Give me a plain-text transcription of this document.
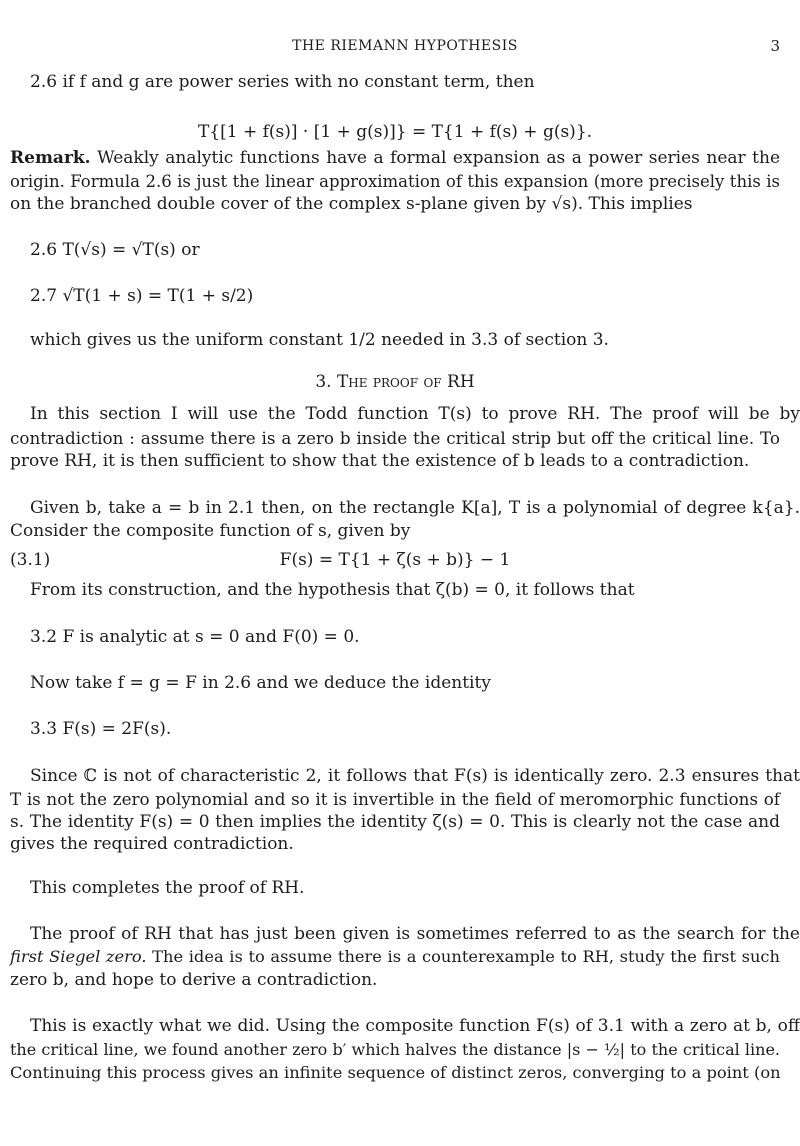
THE RIEMANN HYPOTHESIS	3
2.6 if f and g are power series with no constant term, then
T{[1 + f(s)] · [1 + g(s)]} = T{1 + f(s) + g(s)}.
Remark. Weakly analytic functions have a formal expansion as a power series near the
origin. Formula 2.6 is just the linear approximation of this expansion (more precisely this is
on the branched double cover of the complex s-plane given by √s). This implies
2.6 T(√s) = √T(s) or
2.7 √T(1 + s) = T(1 + s/2)
which gives us the uniform constant 1/2 needed in 3.3 of section 3.
3. The proof of RH
In this section I will use the Todd function T(s) to prove RH. The proof will be by
contradiction : assume there is a zero b inside the critical strip but off the critical line. To
prove RH, it is then sufficient to show that the existence of b leads to a contradiction.
Given b, take a = b in 2.1 then, on the rectangle K[a], T is a polynomial of degree k{a}.
Consider the composite function of s, given by
(3.1)	F(s) = T{1 + ζ(s + b)} − 1
From its construction, and the hypothesis that ζ(b) = 0, it follows that
3.2 F is analytic at s = 0 and F(0) = 0.
Now take f = g = F in 2.6 and we deduce the identity
3.3 F(s) = 2F(s).
Since ℂ is not of characteristic 2, it follows that F(s) is identically zero. 2.3 ensures that
T is not the zero polynomial and so it is invertible in the field of meromorphic functions of
s. The identity F(s) = 0 then implies the identity ζ(s) = 0. This is clearly not the case and
gives the required contradiction.
This completes the proof of RH.
The proof of RH that has just been given is sometimes referred to as the search for the
first Siegel zero. The idea is to assume there is a counterexample to RH, study the first such
zero b, and hope to derive a contradiction.
This is exactly what we did. Using the composite function F(s) of 3.1 with a zero at b, off
the critical line, we found another zero b′ which halves the distance |s − ½| to the critical line.
Continuing this process gives an infinite sequence of distinct zeros, converging to a point (on
